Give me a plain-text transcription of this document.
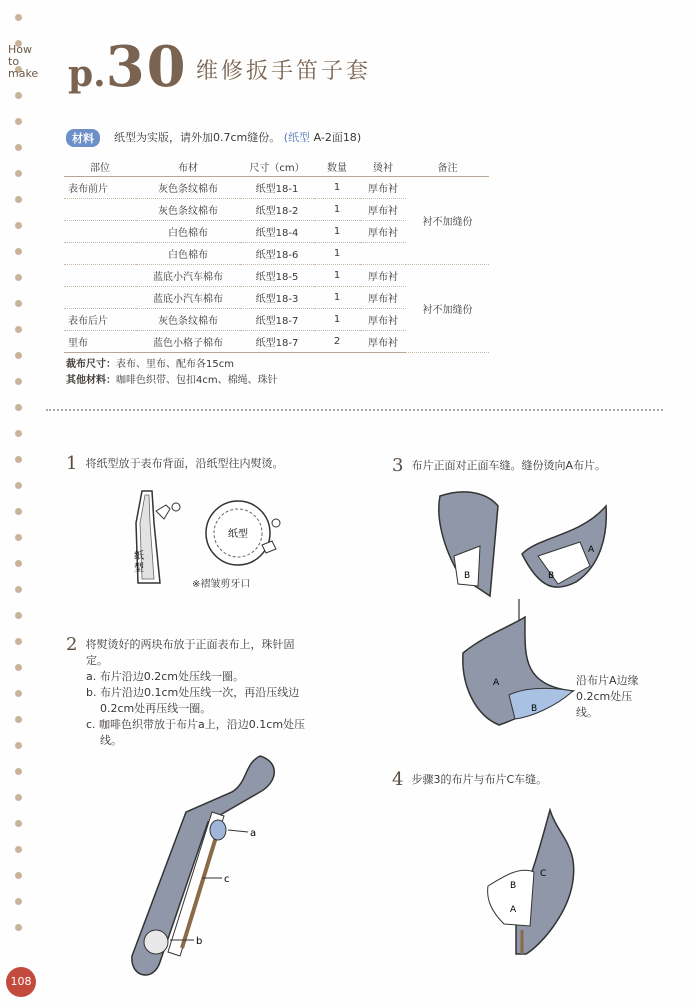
How
to
make p.30 维修扳手笛子套
材料	纸型为实版，请外加0.7cm缝份。 (纸型 A-2面18)
部位	布材	尺寸（cm）	数量	烫衬	备注
表布前片	灰色条纹棉布	纸型18-1	1	厚布衬	衬不加缝份
	灰色条纹棉布	纸型18-2	1	厚布衬	
	白色棉布	纸型18-4	1	厚布衬	
	白色棉布	纸型18-6	1		
	蓝底小汽车棉布	纸型18-5	1	厚布衬	衬不加缝份
	蓝底小汽车棉布	纸型18-3	1	厚布衬	
表布后片	灰色条纹棉布	纸型18-7	1	厚布衬	
里布	蓝色小格子棉布	纸型18-7	2	厚布衬	
裁布尺寸：表布、里布、配布各15cm
其他材料：咖啡色织带、包扣4cm、棉绳、珠针
1 将纸型放于表布背面，沿纸型往内熨烫。
纸
型
纸型
※褶皱剪牙口
2 将熨烫好的两块布放于正面表布上，珠针固
定。
a. 布片沿边0.2cm处压线一圈。
b. 布片沿边0.1cm处压线一次，再沿压线边
0.2cm处再压线一圈。
c. 咖啡色织带放于布片a上，沿边0.1cm处压
线。
a
c
b
3 布片正面对正面车缝。缝份烫向A布片。
B	B
A
A
B
沿布片A边缘
0.2cm处压
线。
4 步骤3的布片与布片C车缝。
C
B
A
108
